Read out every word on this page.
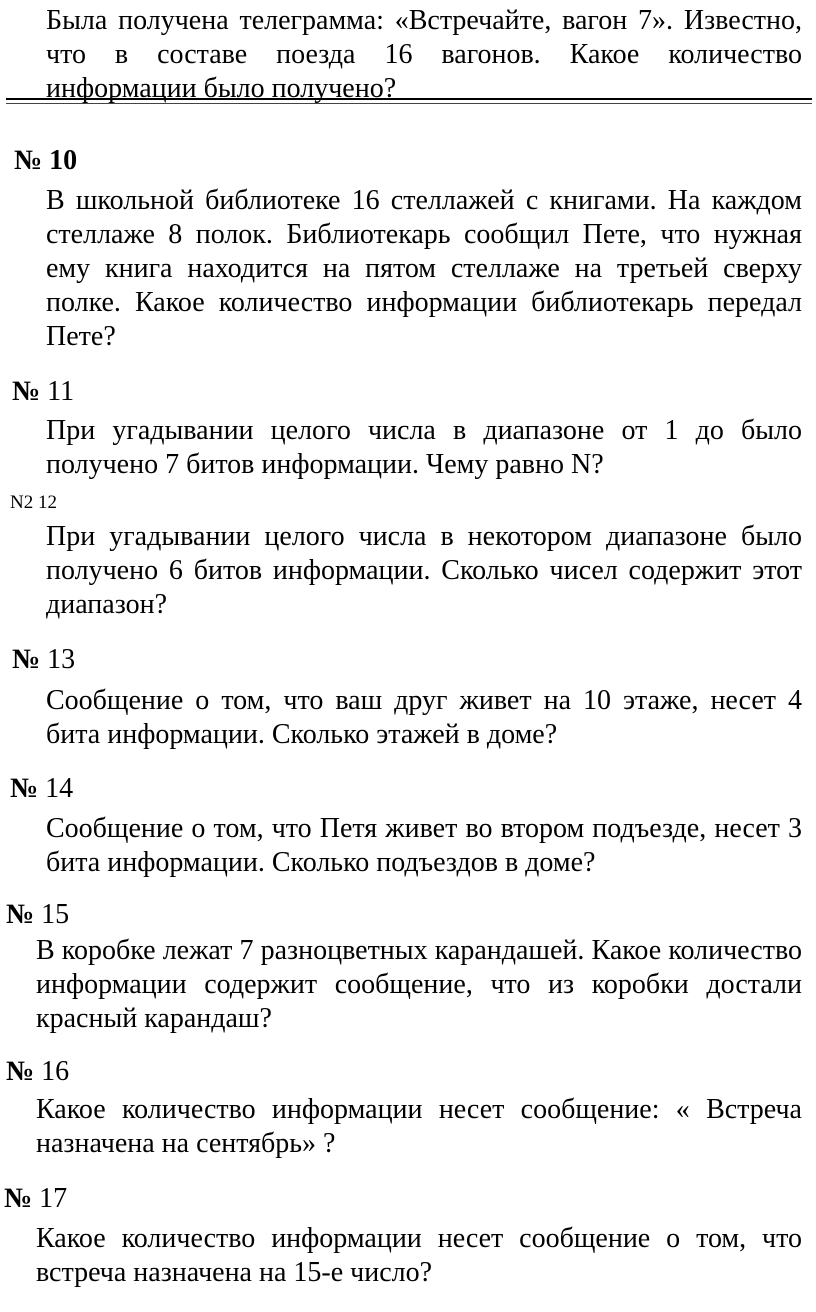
Была получена телеграмма: «Встречайте, вагон 7». Известно, что в составе поезда 16 вагонов. Какое количество информации было получено?

№ 10

В школьной библиотеке 16 стеллажей с книгами. На каждом стеллаже 8 полок. Библиотекарь сообщил Пете, что нужная ему книга находится на пятом стеллаже на третьей сверху полке. Какое количество информации библиотекарь передал Пете?

№ 11

При угадывании целого числа в диапазоне от 1 до было получено 7 битов информации. Чему равно N?

N2 12

При угадывании целого числа в некотором диапазоне было получено 6 битов информации. Сколько чисел содержит этот диапазон?

№ 13

Сообщение о том, что ваш друг живет на 10 этаже, несет 4 бита информации. Сколько этажей в доме?

№ 14

Сообщение о том, что Петя живет во втором подъезде, несет 3 бита информации. Сколько подъездов в доме?

№ 15

В коробке лежат 7 разноцветных карандашей. Какое количество информации содержит сообщение, что из коробки достали красный карандаш?

№ 16

Какое количество информации несет сообщение: « Встреча назначена на сентябрь» ?

№ 17

Какое количество информации несет сообщение о том, что встреча назначена на 15-е число?
